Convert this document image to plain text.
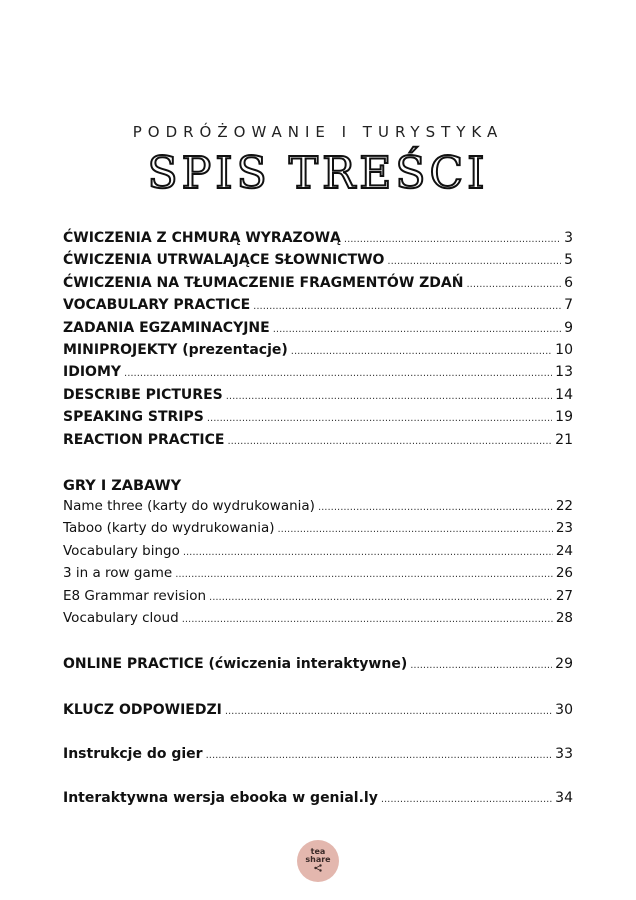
PODRÓŻOWANIE I TURYSTYKA
SPIS TREŚCI
ĆWICZENIA Z CHMURĄ WYRAZOWĄ .....	3
ĆWICZENIA UTRWALAJĄCE SŁOWNICTWO .....	5
ĆWICZENIA NA TŁUMACZENIE FRAGMENTÓW ZDAŃ .....	6
VOCABULARY PRACTICE .....	7
ZADANIA EGZAMINACYJNE .....	9
MINIPROJEKTY (prezentacje) .....	10
IDIOMY .....	13
DESCRIBE PICTURES .....	14
SPEAKING STRIPS .....	19
REACTION PRACTICE .....	21
GRY I ZABAWY
Name three (karty do wydrukowania) .....	22
Taboo (karty do wydrukowania) .....	23
Vocabulary bingo .....	24
3 in a row game .....	26
E8 Grammar revision .....	27
Vocabulary cloud .....	28
ONLINE PRACTICE (ćwiczenia interaktywne) .....	29
KLUCZ ODPOWIEDZI .....	30
Instrukcje do gier .....	33
Interaktywna wersja ebooka w genial.ly .....	34
tea
share
